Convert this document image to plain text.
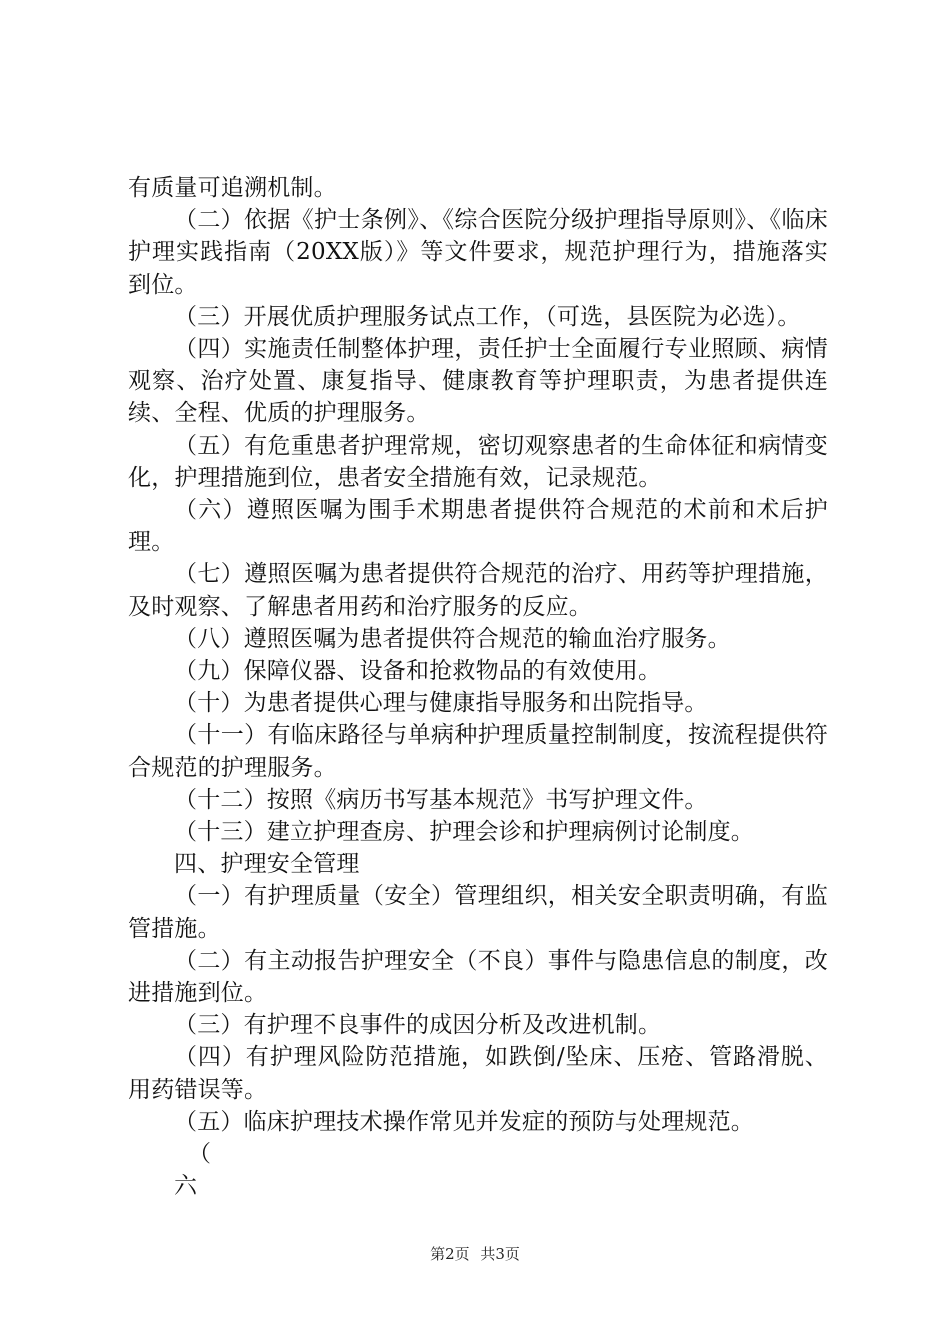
有质量可追溯机制。

（二）依据《护士条例》、《综合医院分级护理指导原则》、《临床护理实践指南（20XX版）》等文件要求，规范护理行为，措施落实到位。

（三）开展优质护理服务试点工作，（可选，县医院为必选）。

（四）实施责任制整体护理，责任护士全面履行专业照顾、病情观察、治疗处置、康复指导、健康教育等护理职责，为患者提供连续、全程、优质的护理服务。

（五）有危重患者护理常规，密切观察患者的生命体征和病情变化，护理措施到位，患者安全措施有效，记录规范。

（六）遵照医嘱为围手术期患者提供符合规范的术前和术后护理。

（七）遵照医嘱为患者提供符合规范的治疗、用药等护理措施，及时观察、了解患者用药和治疗服务的反应。

（八）遵照医嘱为患者提供符合规范的输血治疗服务。

（九）保障仪器、设备和抢救物品的有效使用。

（十）为患者提供心理与健康指导服务和出院指导。

（十一）有临床路径与单病种护理质量控制制度，按流程提供符合规范的护理服务。

（十二）按照《病历书写基本规范》书写护理文件。

（十三）建立护理查房、护理会诊和护理病例讨论制度。

四、护理安全管理

（一）有护理质量（安全）管理组织，相关安全职责明确，有监管措施。

（二）有主动报告护理安全（不良）事件与隐患信息的制度，改进措施到位。

（三）有护理不良事件的成因分析及改进机制。

（四）有护理风险防范措施，如跌倒/坠床、压疮、管路滑脱、用药错误等。

（五）临床护理技术操作常见并发症的预防与处理规范。

（

六

第2页 共3页
